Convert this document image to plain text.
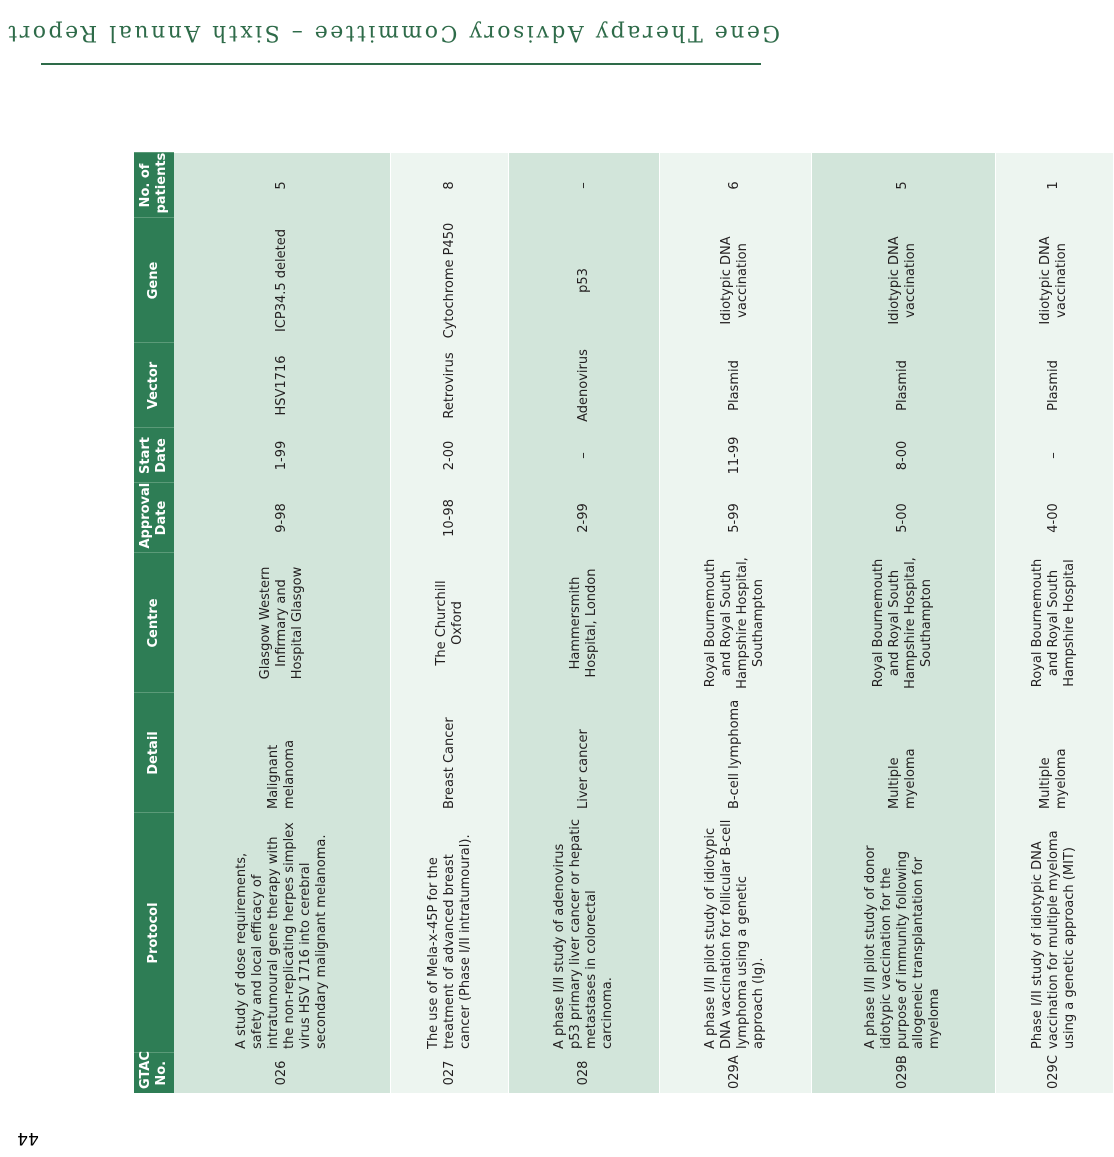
Gene Therapy Advisory Committee – Sixth Annual Report
GTAC No.	Protocol	Detail	Centre	Approval Date	Start Date	Vector	Gene	No. of patients
026	A study of dose requirements, safety and local efficacy of intratumoural gene therapy with the non-replicating herpes simplex virus HSV 1716 into cerebral secondary malignant melanoma.	Malignant melanoma	Glasgow Western Infirmary and Hospital Glasgow	9-98	1-99	HSV1716	ICP34.5 deleted	5
027	The use of Mela-x-45P for the treatment of advanced breast cancer (Phase I/II intratumoural).	Breast Cancer	The Churchill Oxford	10-98	2-00	Retrovirus	Cytochrome P450	8
028	A phase I/II study of adenovirus p53 primary liver cancer or hepatic metastases in colorectal carcinoma.	Liver cancer	Hammersmith Hospital, London	2-99	–	Adenovirus	p53	–
029A	A phase I/II pilot study of idiotypic DNA vaccination for follicular B-cell lymphoma using a genetic approach (Ig).	B-cell lymphoma	Royal Bournemouth and Royal South Hampshire Hospital, Southampton	5-99	11-99	Plasmid	Idiotypic DNA vaccination	6
029B	A phase I/II pilot study of donor idiotypic vaccination for the purpose of immunity following allogeneic transplantation for myeloma	Multiple myeloma	Royal Bournemouth and Royal South Hampshire Hospital, Southampton	5-00	8-00	Plasmid	Idiotypic DNA vaccination	5
029C	Phase I/II study of idiotypic DNA vaccination for multiple myeloma using a genetic approach (MIT)	Multiple myeloma	Royal Bournemouth and Royal South Hampshire Hospital	4-00	–	Plasmid	Idiotypic DNA vaccination	1
44
